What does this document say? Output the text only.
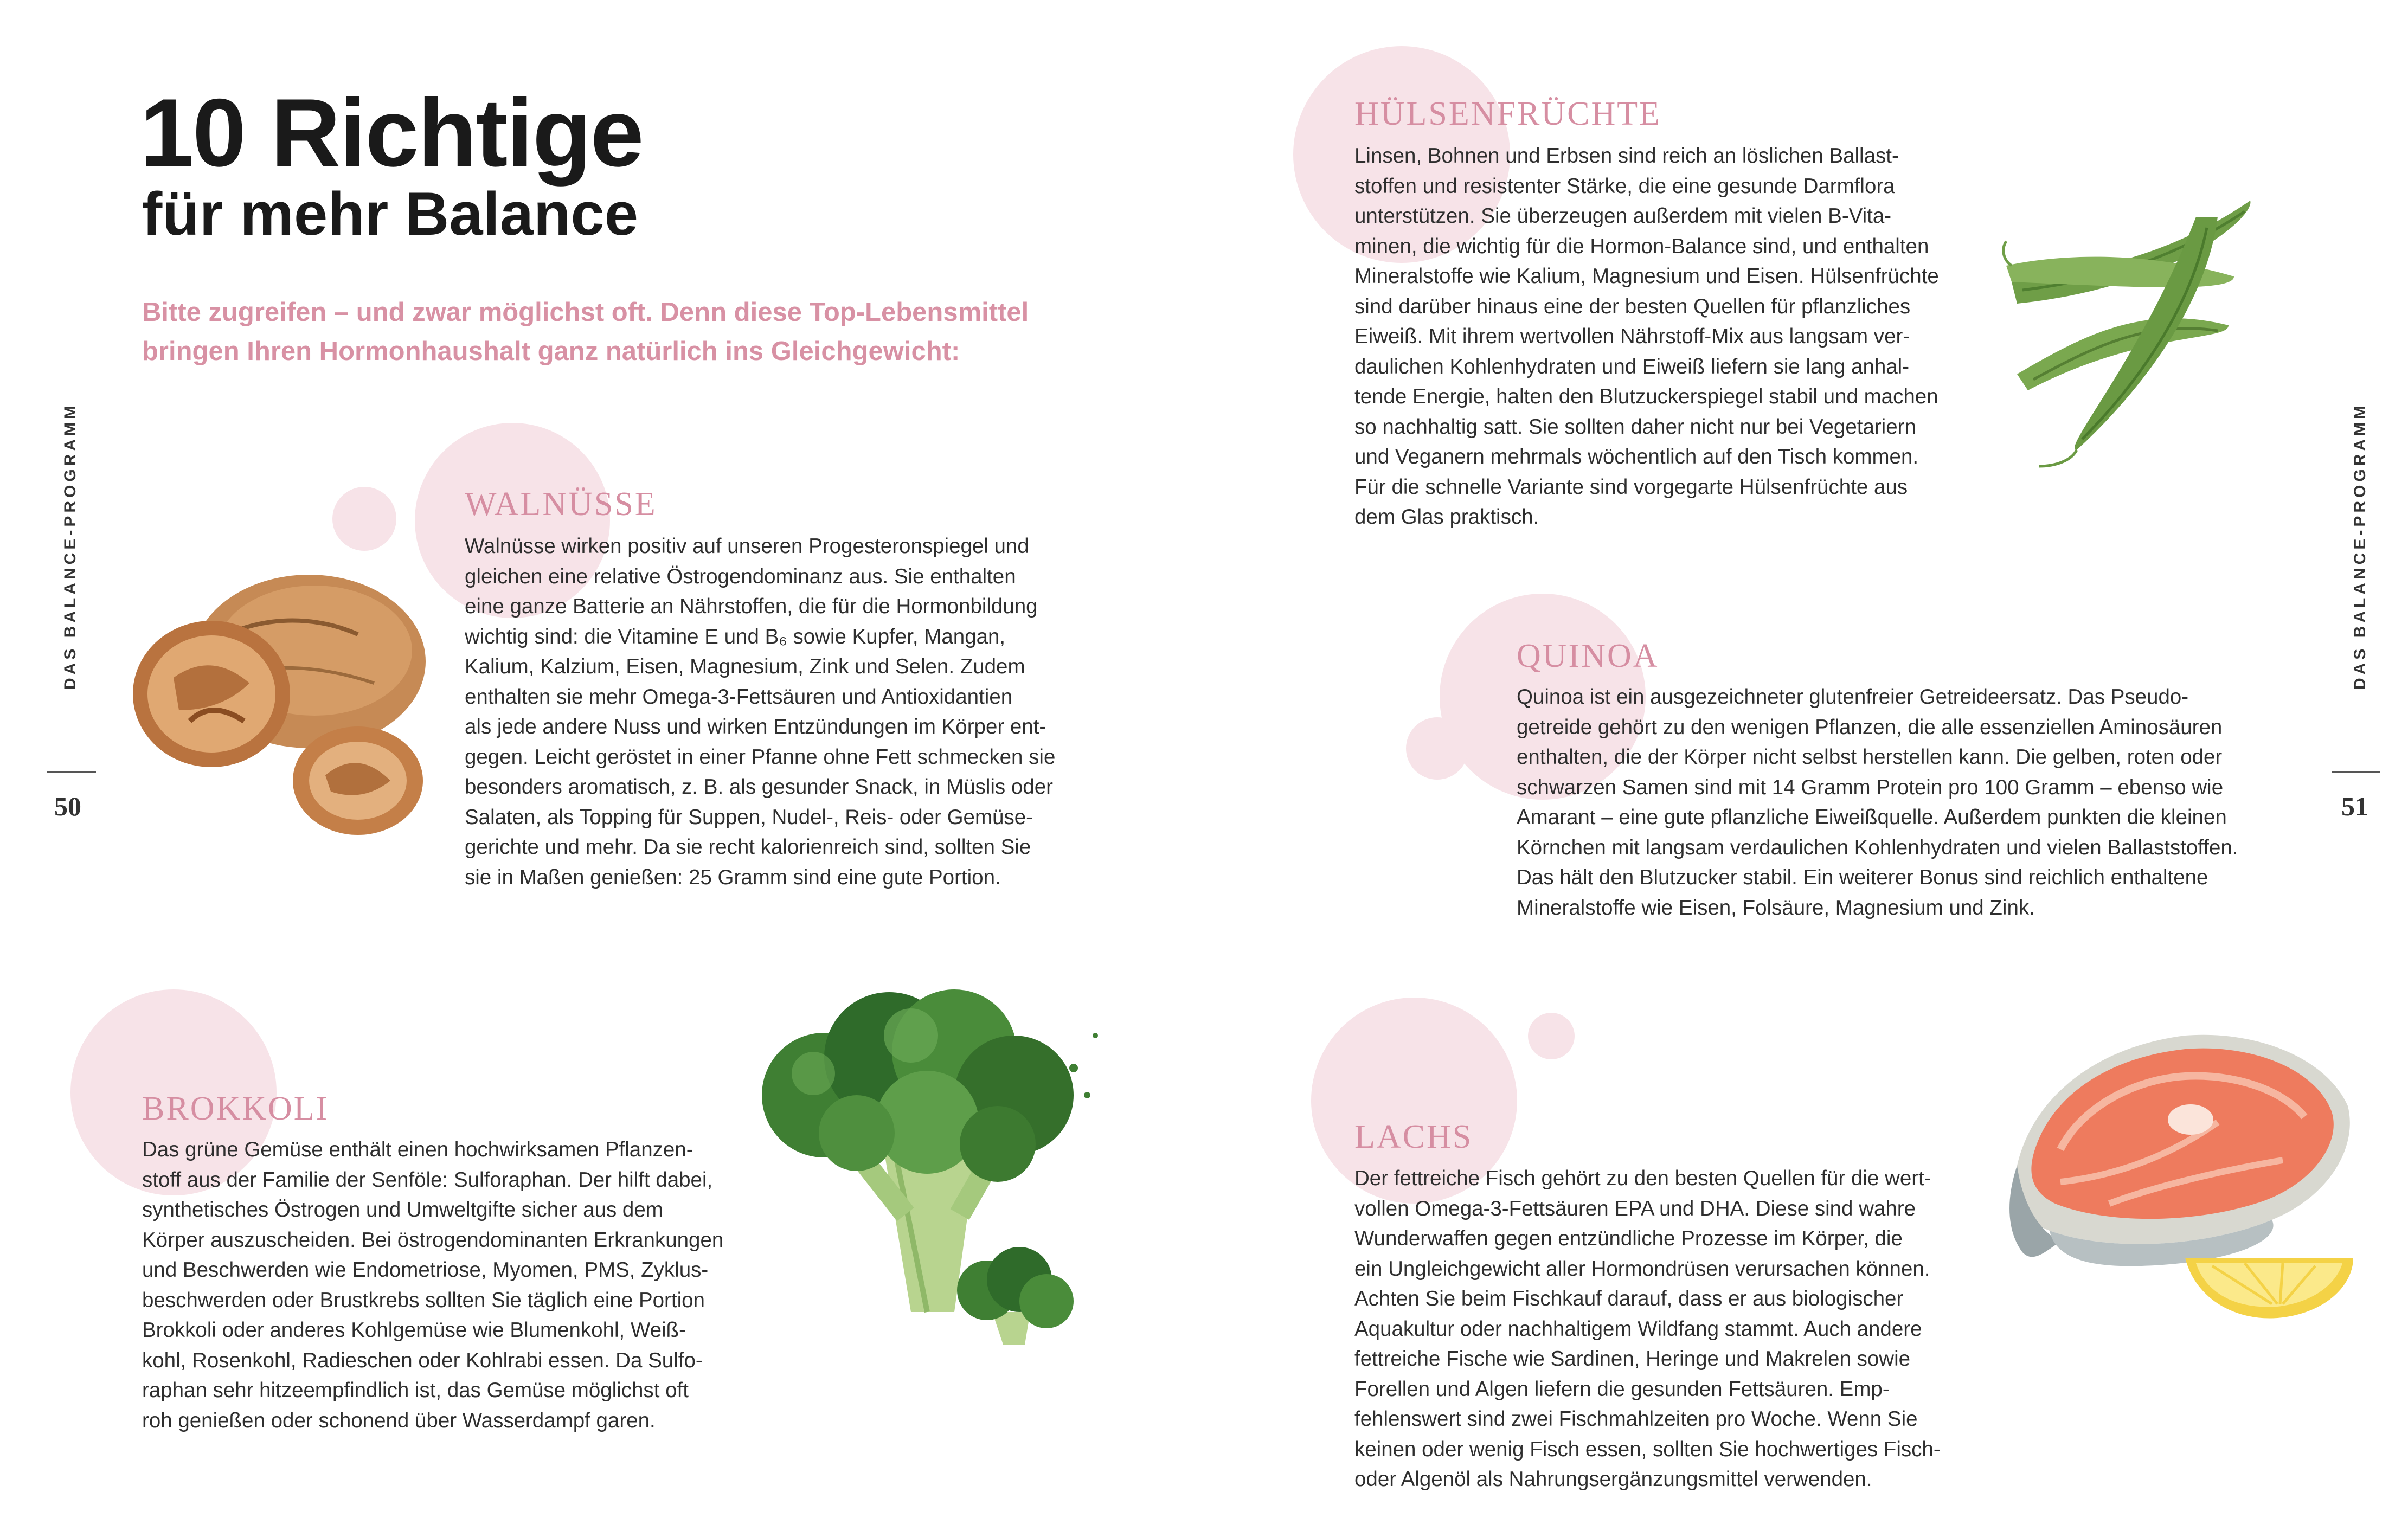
10 Richtige
für mehr Balance
Bitte zugreifen – und zwar möglichst oft. Denn diese Top-Lebensmittel bringen Ihren Hormonhaushalt ganz natürlich ins Gleichgewicht:
WALNÜSSE

Walnüsse wirken positiv auf unseren Progesteronspiegel und

gleichen eine relative Östrogendominanz aus. Sie enthalten

eine ganze Batterie an Nährstoffen, die für die Hormonbildung

wichtig sind: die Vitamine E und B₆ sowie Kupfer, Mangan,

Kalium, Kalzium, Eisen, Magnesium, Zink und Selen. Zudem

enthalten sie mehr Omega-3-Fettsäuren und Antioxidantien

als jede andere Nuss und wirken Entzündungen im Körper ent-

gegen. Leicht geröstet in einer Pfanne ohne Fett schmecken sie

besonders aromatisch, z. B. als gesunder Snack, in Müslis oder

Salaten, als Topping für Suppen, Nudel-, Reis- oder Gemüse-

gerichte und mehr. Da sie recht kalorienreich sind, sollten Sie

sie in Maßen genießen: 25 Gramm sind eine gute Portion.

BROKKOLI

Das grüne Gemüse enthält einen hochwirksamen Pflanzen-

stoff aus der Familie der Senföle: Sulforaphan. Der hilft dabei,

synthetisches Östrogen und Umweltgifte sicher aus dem

Körper auszuscheiden. Bei östrogendominanten Erkrankungen

und Beschwerden wie Endometriose, Myomen, PMS, Zyklus-

beschwerden oder Brustkrebs sollten Sie täglich eine Portion

Brokkoli oder anderes Kohlgemüse wie Blumenkohl, Weiß-

kohl, Rosenkohl, Radieschen oder Kohlrabi essen. Da Sulfo-

raphan sehr hitzeempfindlich ist, das Gemüse möglichst oft

roh genießen oder schonend über Wasserdampf garen.

DAS BALANCE-PROGRAMM
50
HÜLSENFRÜCHTE

Linsen, Bohnen und Erbsen sind reich an löslichen Ballast-

stoffen und resistenter Stärke, die eine gesunde Darmflora

unterstützen. Sie überzeugen außerdem mit vielen B-Vita-

minen, die wichtig für die Hormon-Balance sind, und enthalten

Mineralstoffe wie Kalium, Magnesium und Eisen. Hülsenfrüchte

sind darüber hinaus eine der besten Quellen für pflanzliches

Eiweiß. Mit ihrem wertvollen Nährstoff-Mix aus langsam ver-

daulichen Kohlenhydraten und Eiweiß liefern sie lang anhal-

tende Energie, halten den Blutzuckerspiegel stabil und machen

so nachhaltig satt. Sie sollten daher nicht nur bei Vegetariern

und Veganern mehrmals wöchentlich auf den Tisch kommen.

Für die schnelle Variante sind vorgegarte Hülsenfrüchte aus

dem Glas praktisch.

QUINOA

Quinoa ist ein ausgezeichneter glutenfreier Getreideersatz. Das Pseudo-

getreide gehört zu den wenigen Pflanzen, die alle essenziellen Aminosäuren

enthalten, die der Körper nicht selbst herstellen kann. Die gelben, roten oder

schwarzen Samen sind mit 14 Gramm Protein pro 100 Gramm – ebenso wie

Amarant – eine gute pflanzliche Eiweißquelle. Außerdem punkten die kleinen

Körnchen mit langsam verdaulichen Kohlenhydraten und vielen Ballaststoffen.

Das hält den Blutzucker stabil. Ein weiterer Bonus sind reichlich enthaltene

Mineralstoffe wie Eisen, Folsäure, Magnesium und Zink.

LACHS

Der fettreiche Fisch gehört zu den besten Quellen für die wert-

vollen Omega-3-Fettsäuren EPA und DHA. Diese sind wahre

Wunderwaffen gegen entzündliche Prozesse im Körper, die

ein Ungleichgewicht aller Hormondrüsen verursachen können.

Achten Sie beim Fischkauf darauf, dass er aus biologischer

Aquakultur oder nachhaltigem Wildfang stammt. Auch andere

fettreiche Fische wie Sardinen, Heringe und Makrelen sowie

Forellen und Algen liefern die gesunden Fettsäuren. Emp-

fehlenswert sind zwei Fischmahlzeiten pro Woche. Wenn Sie

keinen oder wenig Fisch essen, sollten Sie hochwertiges Fisch-

oder Algenöl als Nahrungsergänzungsmittel verwenden.

DAS BALANCE-PROGRAMM
51
